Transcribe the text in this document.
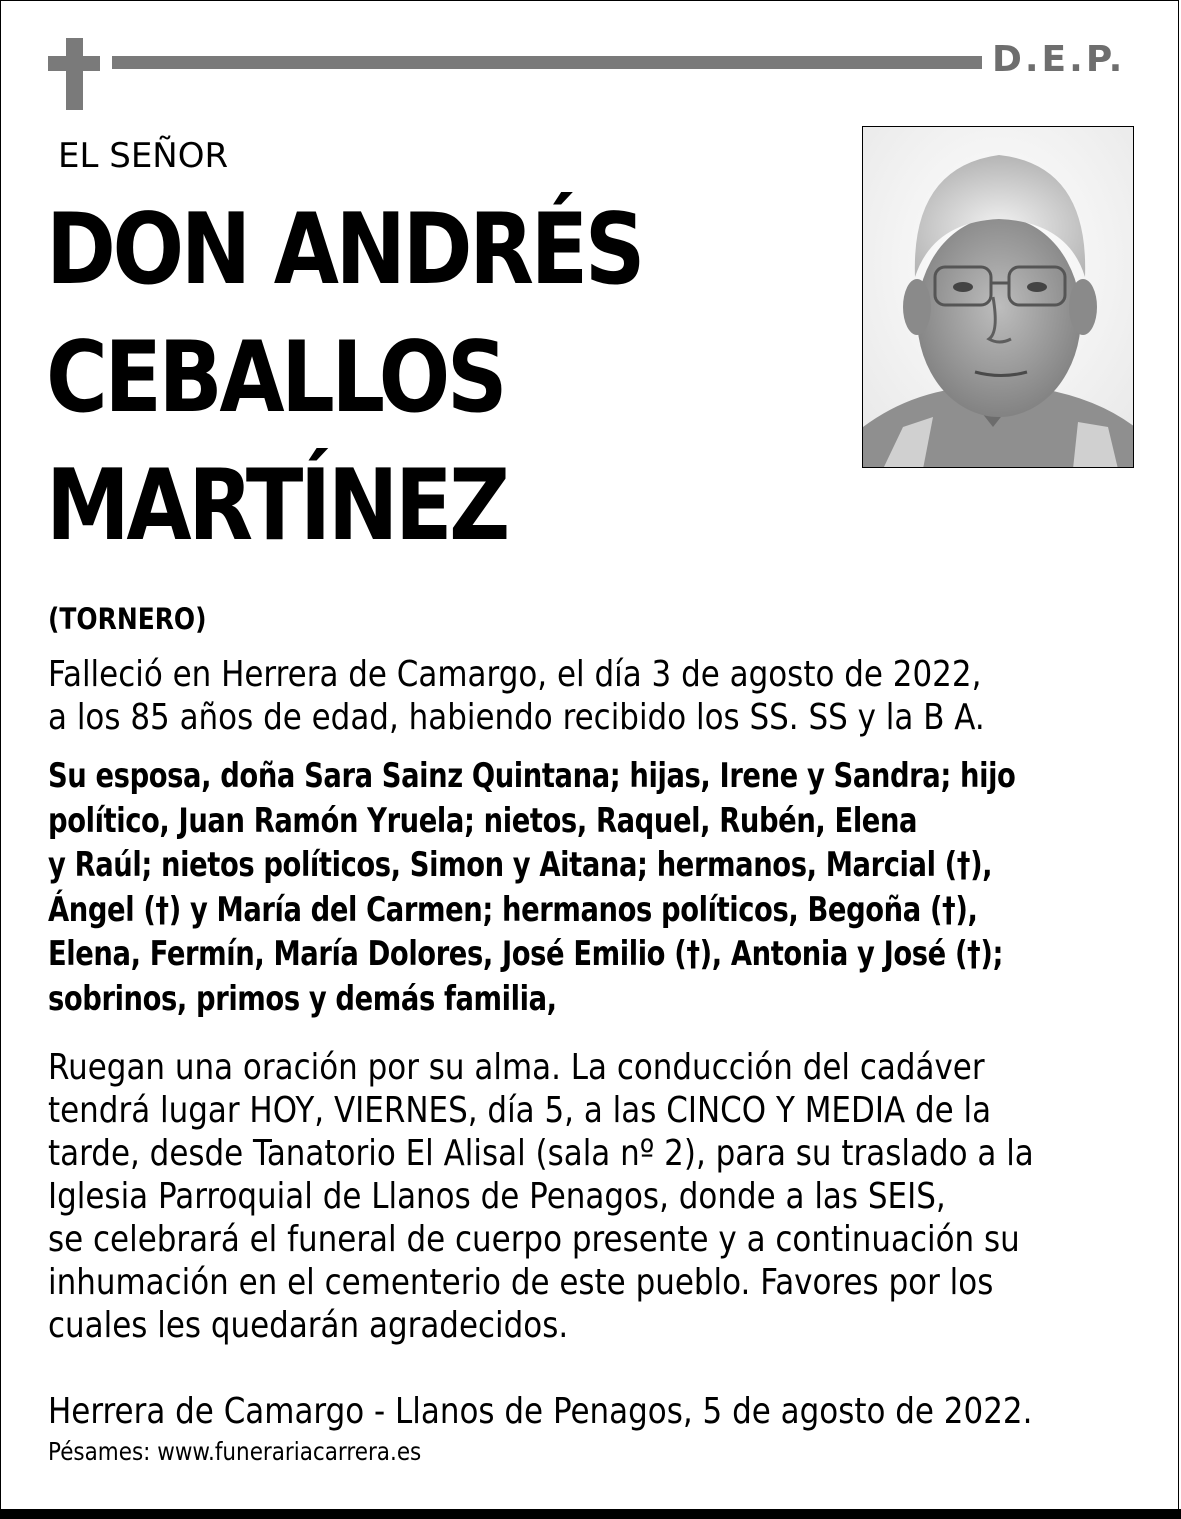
D.E.P.
EL SEÑOR
DON ANDRÉS
CEBALLOS
MARTÍNEZ
(TORNERO)
Falleció en Herrera de Camargo, el día 3 de agosto de 2022,
a los 85 años de edad, habiendo recibido los SS. SS y la B A.
Su esposa, doña Sara Sainz Quintana; hijas, Irene y Sandra; hijo
político, Juan Ramón Yruela; nietos, Raquel, Rubén, Elena
y Raúl; nietos políticos, Simon y Aitana; hermanos, Marcial (†),
Ángel (†) y María del Carmen; hermanos políticos, Begoña (†),
Elena, Fermín, María Dolores, José Emilio (†), Antonia y José (†);
sobrinos, primos y demás familia,
Ruegan una oración por su alma. La conducción del cadáver
tendrá lugar HOY, VIERNES, día 5, a las CINCO Y MEDIA de la
tarde, desde Tanatorio El Alisal (sala nº 2), para su traslado a la
Iglesia Parroquial de Llanos de Penagos, donde a las SEIS,
se celebrará el funeral de cuerpo presente y a continuación su
inhumación en el cementerio de este pueblo. Favores por los
cuales les quedarán agradecidos.
Herrera de Camargo - Llanos de Penagos, 5 de agosto de 2022.
Pésames: www.funerariacarrera.es
